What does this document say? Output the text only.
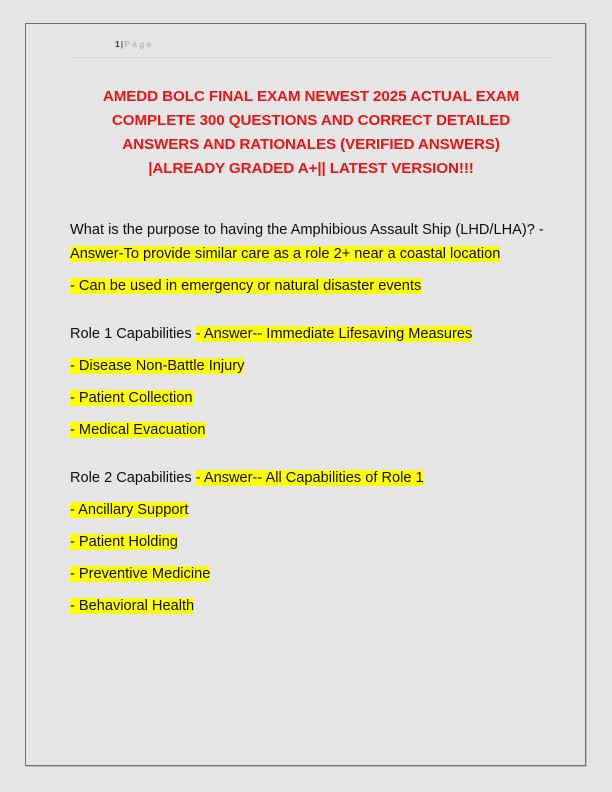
1|Page
AMEDD BOLC FINAL EXAM NEWEST 2025 ACTUAL EXAM COMPLETE 300 QUESTIONS AND CORRECT DETAILED ANSWERS AND RATIONALES (VERIFIED ANSWERS) |ALREADY GRADED A+|| LATEST VERSION!!!

What is the purpose to having the Amphibious Assault Ship (LHD/LHA)? - Answer-To provide similar care as a role 2+ near a coastal location

- Can be used in emergency or natural disaster events

Role 1 Capabilities - Answer-- Immediate Lifesaving Measures

- Disease Non-Battle Injury

- Patient Collection

- Medical Evacuation

Role 2 Capabilities - Answer-- All Capabilities of Role 1

- Ancillary Support

- Patient Holding

- Preventive Medicine

- Behavioral Health
